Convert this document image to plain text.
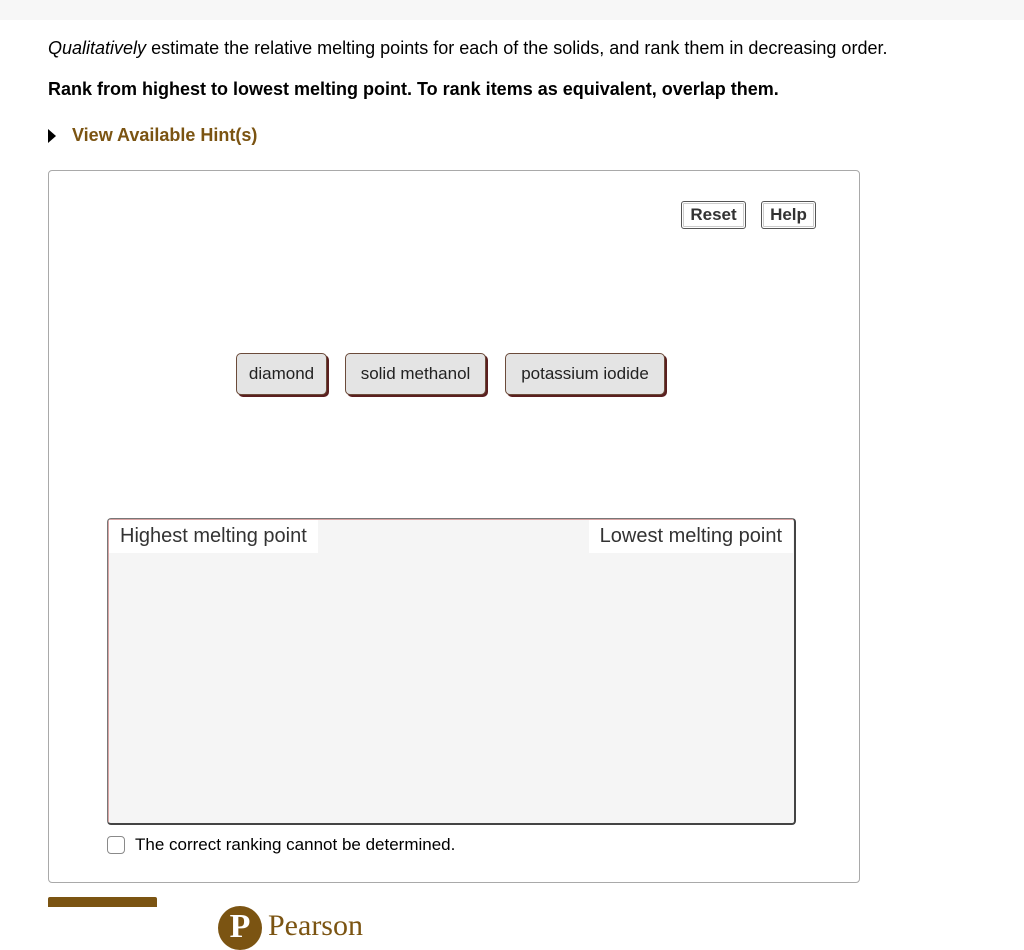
Qualitatively estimate the relative melting points for each of the solids, and rank them in decreasing order.
Rank from highest to lowest melting point. To rank items as equivalent, overlap them.
View Available Hint(s)
Reset	Help
diamond	solid methanol	potassium iodide
Highest melting point	Lowest melting point
The correct ranking cannot be determined.
P Pearson
